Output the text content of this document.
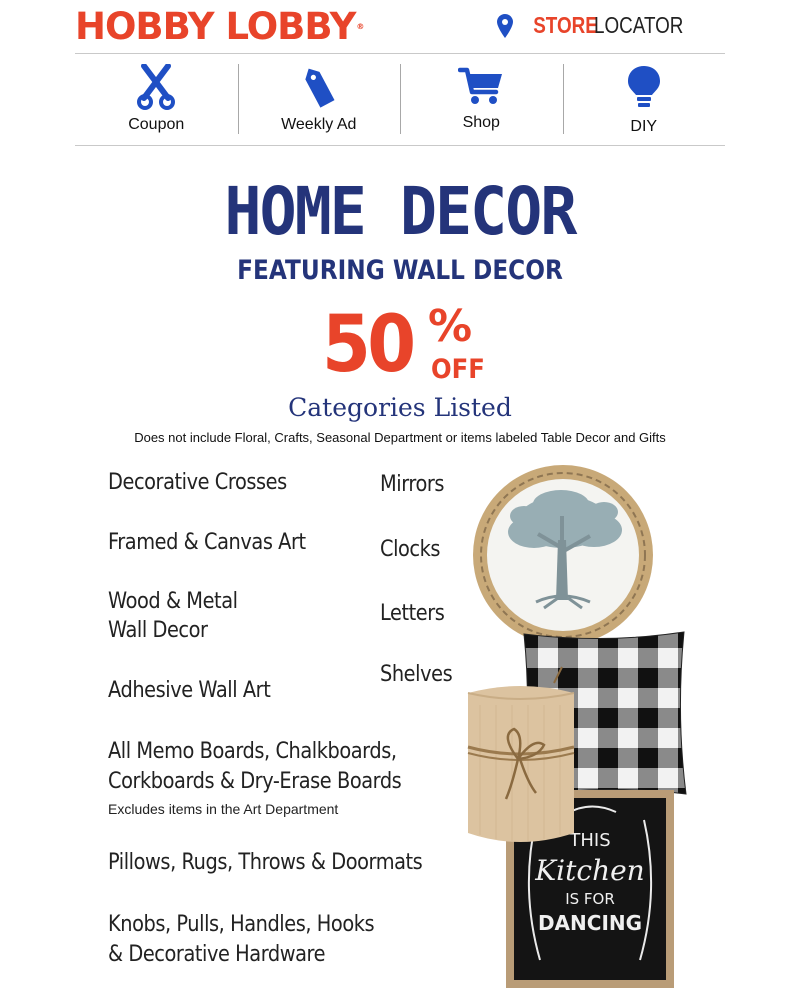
HOBBY LOBBY®	STORE
LOCATOR
Coupon	Weekly Ad	Shop	DIY
HOME DECOR
FEATURING WALL DECOR
50 %
OFF
Categories Listed
Does not include Floral, Crafts, Seasonal Department or items labeled Table Decor and Gifts
Decorative Crosses
Framed & Canvas Art
Wood & Metal
Wall Decor
Adhesive Wall Art
All Memo Boards, Chalkboards,
Corkboards & Dry-Erase Boards
Excludes items in the Art Department
Pillows, Rugs, Throws & Doormats
Knobs, Pulls, Handles, Hooks
& Decorative Hardware
Mirrors
Clocks
Letters
Shelves
THIS
Kitchen
IS FOR
DANCING
